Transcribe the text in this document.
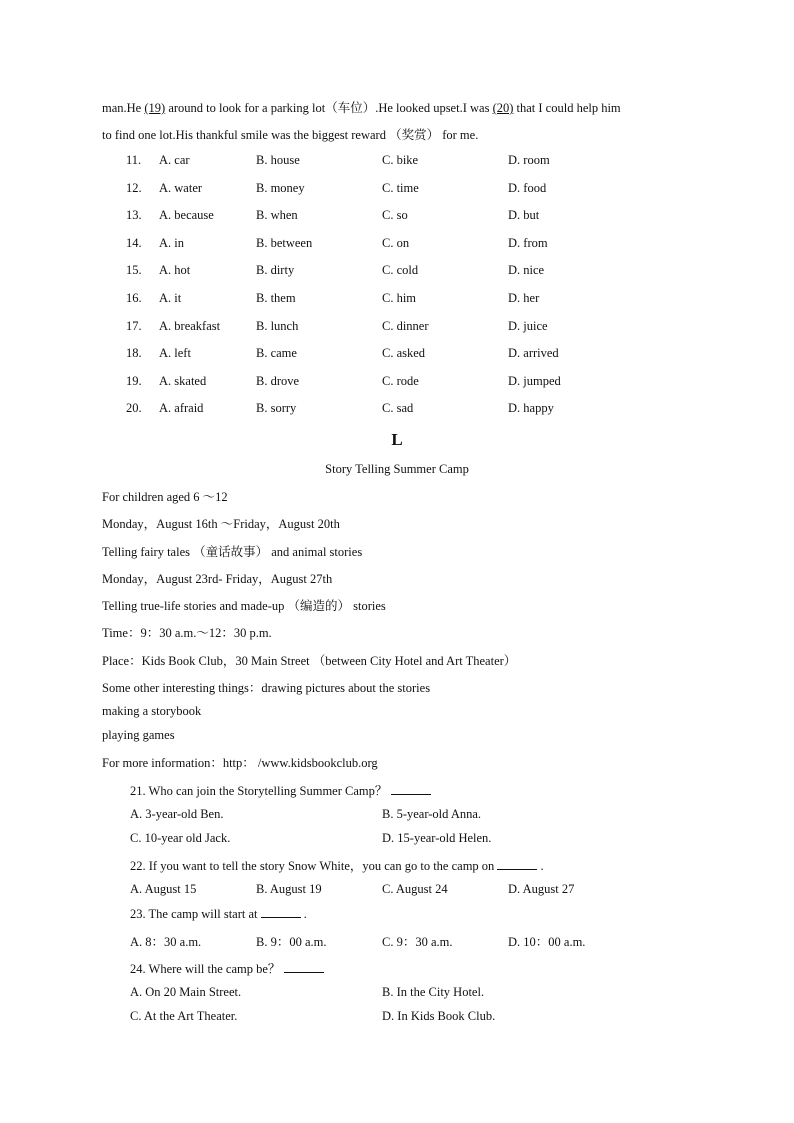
man.He (19) around to look for a parking lot（车位）.He looked upset.I was (20) that I could help him
to find one lot.His thankful smile was the biggest reward （奖赏） for me.
11. A. car	B. house	C. bike	D. room
12. A. water	B. money	C. time	D. food
13. A. because	B. when	C. so	D. but
14. A. in	B. between	C. on	D. from
15. A. hot	B. dirty	C. cold	D. nice
16. A. it	B. them	C. him	D. her
17. A. breakfast	B. lunch	C. dinner	D. juice
18. A. left	B. came	C. asked	D. arrived
19. A. skated	B. drove	C. rode	D. jumped
20. A. afraid	B. sorry	C. sad	D. happy
L
Story Telling Summer Camp
For children aged 6 ～12
Monday，August 16th ～Friday，August 20th
Telling fairy tales （童话故事） and animal stories
Monday，August 23rd- Friday，August 27th
Telling true-life stories and made-up （编造的） stories
Time：9：30 a.m.～12：30 p.m.
Place：Kids Book Club，30 Main Street （between City Hotel and Art Theater）
Some other interesting things：drawing pictures about the stories
making a storybook
playing games
For more information：http： /www.kidsbookclub.org
21. Who can join the Storytelling Summer Camp？
A. 3-year-old Ben.	B. 5-year-old Anna.
C. 10-year old Jack.	D. 15-year-old Helen.
22. If you want to tell the story Snow White，you can go to the camp on	.
A. August 15	B. August 19	C. August 24	D. August 27
23. The camp will start at	.
A. 8：30 a.m.	B. 9：00 a.m.	C. 9：30 a.m.	D. 10：00 a.m.
24. Where will the camp be？
A. On 20 Main Street.	B. In the City Hotel.
C. At the Art Theater.	D. In Kids Book Club.
